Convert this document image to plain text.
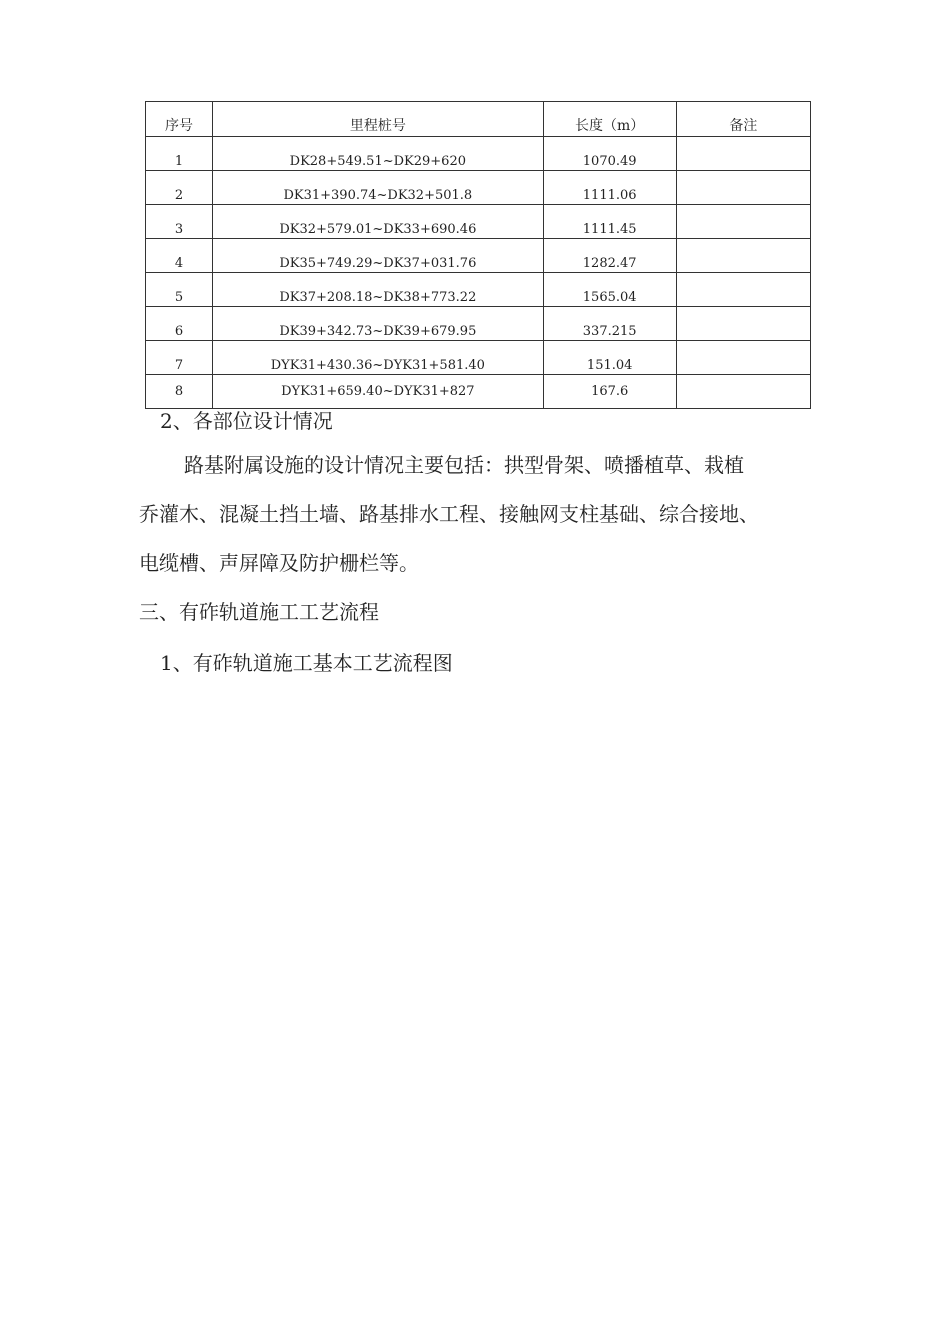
序号	里程桩号	长度（m）	备注
1	DK28+549.51~DK29+620	1070.49	
2	DK31+390.74~DK32+501.8	1111.06	
3	DK32+579.01~DK33+690.46	1111.45	
4	DK35+749.29~DK37+031.76	1282.47	
5	DK37+208.18~DK38+773.22	1565.04	
6	DK39+342.73~DK39+679.95	337.215	
7	DYK31+430.36~DYK31+581.40	151.04	
8	DYK31+659.40~DYK31+827	167.6	
2、各部位设计情况
路基附属设施的设计情况主要包括：拱型骨架、喷播植草、栽植
乔灌木、混凝土挡土墙、路基排水工程、接触网支柱基础、综合接地、
电缆槽、声屏障及防护栅栏等。
三、有砟轨道施工工艺流程
1、有砟轨道施工基本工艺流程图
